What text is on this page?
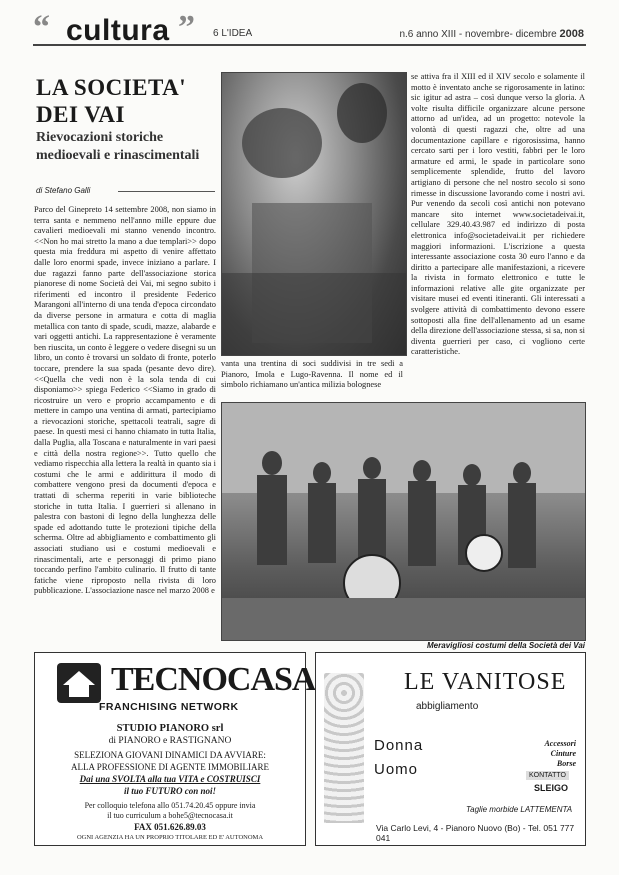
“ cultura ” 6 L'IDEA	n.6 anno XIII - novembre- dicembre 2008
LA SOCIETA'
DEI VAI
Rievocazioni storiche
medioevali e rinascimentali
di Stefano Galli
Parco del Ginepreto 14 settembre 2008, non siamo in terra santa e nemmeno nell'anno mille eppure due cavalieri medioevali mi stanno venendo incontro. <<Non ho mai stretto la mano a due templari>> dopo questa mia freddura mi aspetto di venire affettato dalle loro enormi spade, invece iniziano a parlare. I due ragazzi fanno parte dell'associazione storica pianorese di nome Società dei Vai, mi segno subito i riferimenti ed incontro il presidente Federico Marangoni all'interno di una tenda d'epoca circondato da diverse persone in armatura e cotta di maglia metallica con tanto di spade, scudi, mazze, alabarde e vari oggetti antichi. La rappresentazione è veramente ben riuscita, un conto è leggere o vedere disegni su un libro, un conto è trovarsi un soldato di fronte, poterlo toccare, prendere la sua spada (pesante devo dire). <<Quella che vedi non è la sola tenda di cui disponiamo>> spiega Federico <<Siamo in grado di ricostruire un vero e proprio accampamento e di mettere in campo una ventina di armati, partecipiamo a rievocazioni storiche, spettacoli teatrali, sagre di paese. In questi mesi ci hanno chiamato in tutta Italia, dalla Puglia, alla Toscana e naturalmente in vari paesi e città della nostra regione>>. Tutto quello che vediamo rispecchia alla lettera la realtà in quanto sia i costumi che le armi e addirittura il modo di combattere vengono presi da documenti d'epoca e trattati di scherma reperiti in varie biblioteche storiche in tutta Italia. I guerrieri si allenano in palestra con bastoni di legno della lunghezza delle spade ed adottando tutte le protezioni tipiche della scherma. Oltre ad abbigliamento e combattimento gli associati studiano usi e costumi medioevali e rinascimentali, arte e personaggi di primo piano toccando perfino l'ambito culinario. Il frutto di tante fatiche viene riproposto nella rivista di loro pubblicazione. L'associazione nasce nel marzo 2008 e
vanta una trentina di soci suddivisi in tre sedi a Pianoro, Imola e Lugo-Ravenna. Il nome ed il simbolo richiamano un'antica milizia bolognese
se attiva fra il XIII ed il XIV secolo e solamente il motto è inventato anche se rigorosamente in latino: sic igitur ad astra – così dunque verso la gloria. A volte risulta difficile organizzare alcune persone attorno ad un'idea, ad un progetto: notevole la volontà di questi ragazzi che, oltre ad una documentazione capillare e rigorosissima, hanno cercato sarti per i loro vestiti, fabbri per le loro armature ed armi, le spade in particolare sono semplicemente splendide, frutto del lavoro artigiano di persone che nel nostro secolo si sono rimesse in discussione lavorando come i nostri avi. Pur venendo da secoli così antichi non potevano mancare sito internet www.societadeivai.it, cellulare 329.40.43.987 ed indirizzo di posta elettronica info@societadeivai.it per richiedere maggiori informazioni. L'iscrizione a questa interessante associazione costa 30 euro l'anno e da diritto a partecipare alle manifestazioni, a ricevere la rivista in formato elettronico e tutte le informazioni relative alle gite organizzate per visitare musei ed eventi itineranti. Gli interessati a svolgere attività di combattimento devono essere sottoposti alla fine dell'allenamento ad un esame della direzione dell'associazione stessa, si sa, non si diventa guerrieri per caso, ci vogliono certe caratteristiche.
Meravigliosi costumi della Società dei Vai
TECNOCASA
FRANCHISING NETWORK
STUDIO PIANORO srl
di PIANORO e RASTIGNANO
SELEZIONA GIOVANI DINAMICI DA AVVIARE:
ALLA PROFESSIONE DI AGENTE IMMOBILIARE
Dai una SVOLTA alla tua VITA e COSTRUISCI
il tuo FUTURO con noi!
Per colloquio telefona allo 051.74.20.45 oppure invia
il tuo curriculum a bohe5@tecnocasa.it
FAX 051.626.89.03
OGNI AGENZIA HA UN PROPRIO TITOLARE ED E' AUTONOMA
LE VANITOSE
abbigliamento
Donna
Uomo
Accessori
Cinture
Borse
KONTATTO
SLEIGO
Taglie morbide LATTEMENTA
Via Carlo Levi, 4 - Pianoro Nuovo (Bo) - Tel. 051 777 041
